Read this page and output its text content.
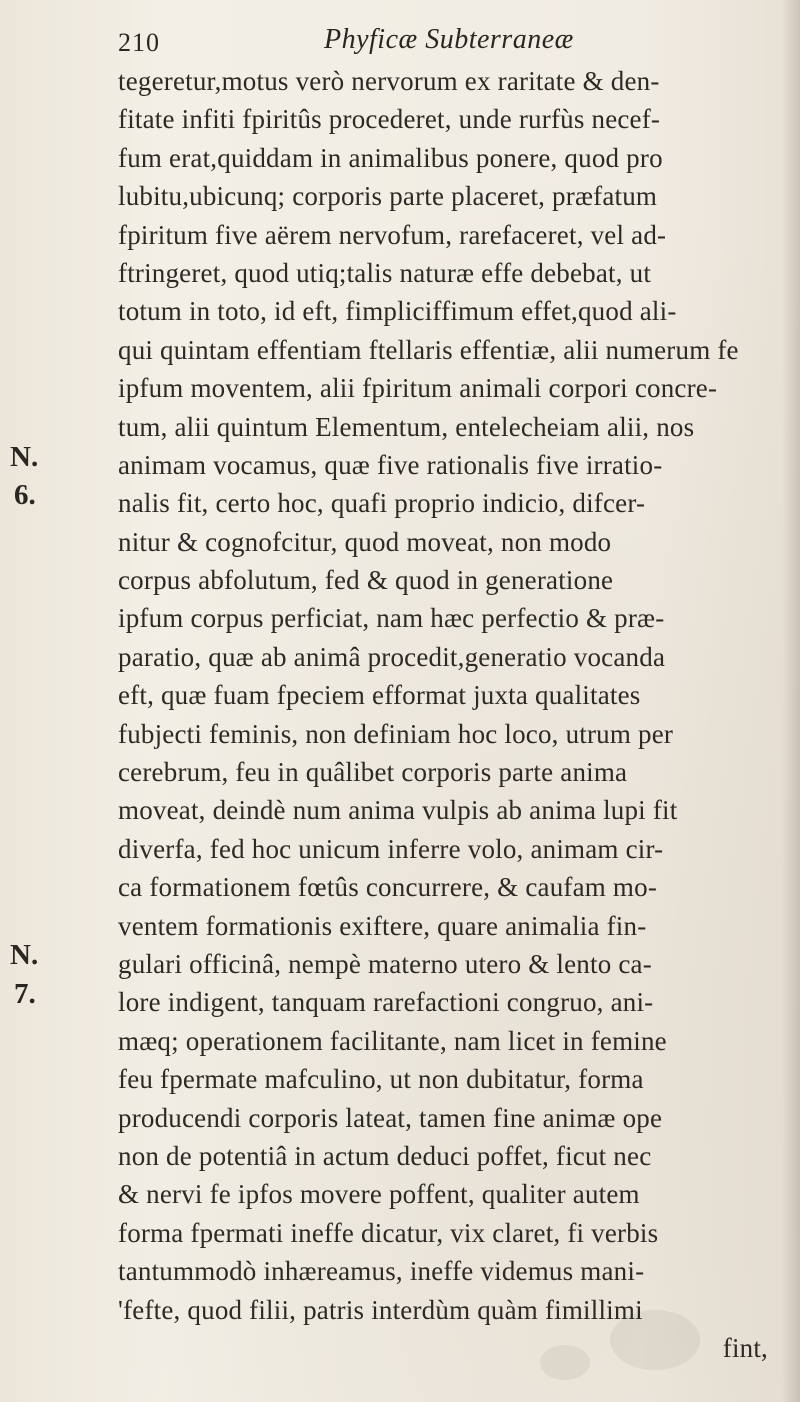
210	Phyficæ Subterraneæ
N.
6.
N.
7.
tegeretur,motus verò nervorum ex raritate & den-
fitate infiti fpiritûs procederet, unde rurfùs necef-
fum erat,quiddam in animalibus ponere, quod pro
lubitu,ubicunq; corporis parte placeret, præfatum
fpiritum five aërem nervofum, rarefaceret, vel ad-
ftringeret, quod utiq;talis naturæ effe debebat, ut
totum in toto, id eft, fimpliciffimum effet,quod ali-
qui quintam effentiam ftellaris effentiæ, alii numerum fe
ipfum moventem, alii fpiritum animali corpori concre-
tum, alii quintum Elementum, entelecheiam alii, nos
animam vocamus, quæ five rationalis five irratio-
nalis fit, certo hoc, quafi proprio indicio, difcer-
nitur & cognofcitur, quod moveat, non modo
corpus abfolutum, fed & quod in generatione
ipfum corpus perficiat, nam hæc perfectio & præ-
paratio, quæ ab animâ procedit,generatio vocanda
eft, quæ fuam fpeciem efformat juxta qualitates
fubjecti feminis, non definiam hoc loco, utrum per
cerebrum, feu in quâlibet corporis parte anima
moveat, deindè num anima vulpis ab anima lupi fit
diverfa, fed hoc unicum inferre volo, animam cir-
ca formationem fœtûs concurrere, & caufam mo-
ventem formationis exiftere, quare animalia fin-
gulari officinâ, nempè materno utero & lento ca-
lore indigent, tanquam rarefactioni congruo, ani-
mæq; operationem facilitante, nam licet in femine
feu fpermate mafculino, ut non dubitatur, forma
producendi corporis lateat, tamen fine animæ ope
non de potentiâ in actum deduci poffet, ficut nec
& nervi fe ipfos movere poffent, qualiter autem
forma fpermati ineffe dicatur, vix claret, fi verbis
tantummodò inhæreamus, ineffe videmus mani-
'fefte, quod filii, patris interdùm quàm fimillimi
fint,
